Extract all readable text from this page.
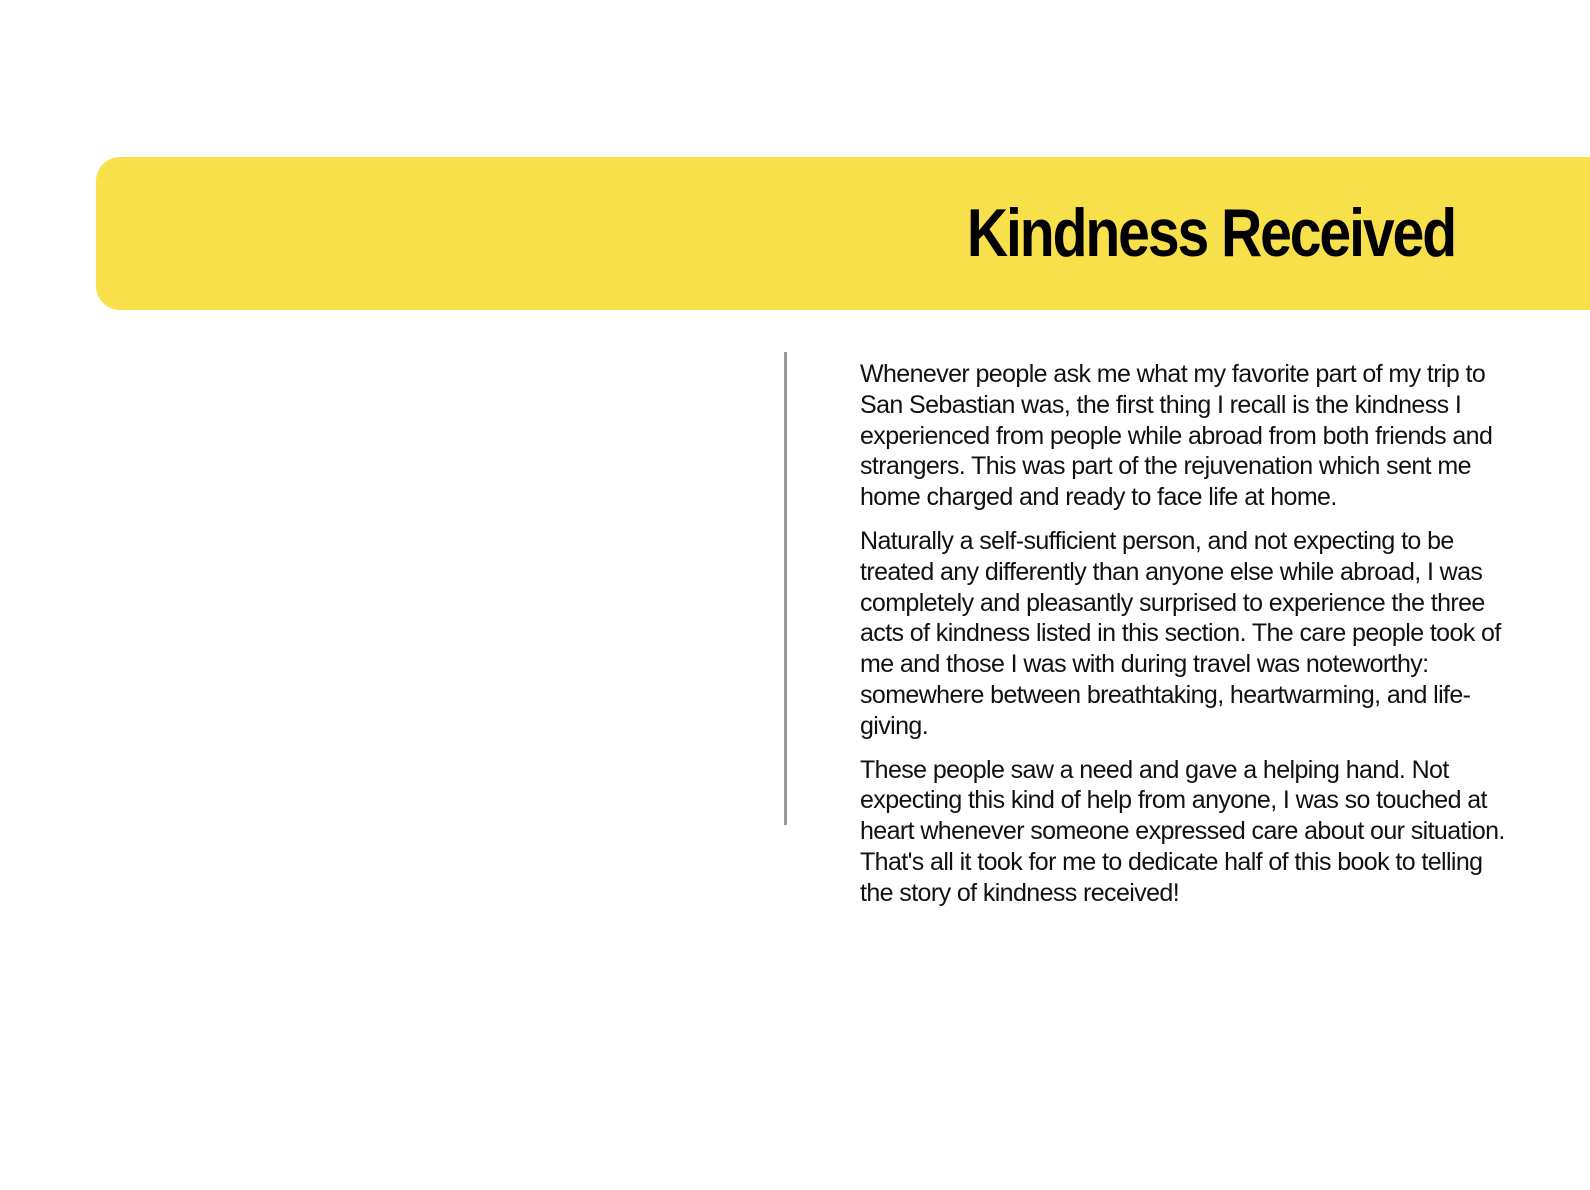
Kindness Received

Whenever people ask me what my favorite part of my trip to San Sebastian was, the first thing I recall is the kindness I experienced from people while abroad from both friends and strangers. This was part of the rejuvenation which sent me home charged and ready to face life at home.

Naturally a self-sufficient person, and not expecting to be treated any differently than anyone else while abroad, I was completely and pleasantly surprised to experience the three acts of kindness listed in this section. The care people took of me and those I was with during travel was noteworthy: somewhere between breathtaking, heartwarming, and life-giving.

These people saw a need and gave a helping hand. Not expecting this kind of help from anyone, I was so touched at heart whenever someone expressed care about our situation. That's all it took for me to dedicate half of this book to telling the story of kindness received!
